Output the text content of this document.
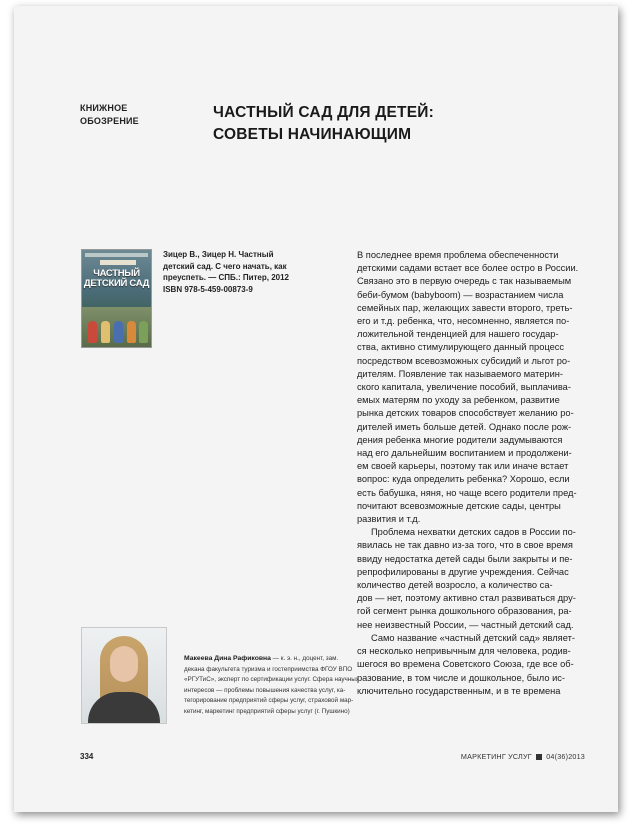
КНИЖНОЕ
ОБОЗРЕНИЕ	ЧАСТНЫЙ САД ДЛЯ ДЕТЕЙ:
СОВЕТЫ НАЧИНАЮЩИМ
ЧАСТНЫЙ
ДЕТСКИЙ САД
Зицер В., Зицер Н. Частный
детский сад. С чего начать, как
преуспеть. — СПБ.: Питер, 2012
ISBN 978-5-459-00873-9
В последнее время проблема обеспеченности
детскими садами встает все более остро в России.
Связано это в первую очередь с так называемым
беби-бумом (babyboom) — возрастанием числа
семейных пар, желающих завести второго, треть-
его и т.д. ребенка, что, несомненно, является по-
ложительной тенденцией для нашего государ-
ства, активно стимулирующего данный процесс
посредством всевозможных субсидий и льгот ро-
дителям. Появление так называемого материн-
ского капитала, увеличение пособий, выплачива-
емых матерям по уходу за ребенком, развитие
рынка детских товаров способствует желанию ро-
дителей иметь больше детей. Однако после рож-
дения ребенка многие родители задумываются
над его дальнейшим воспитанием и продолжени-
ем своей карьеры, поэтому так или иначе встает
вопрос: куда определить ребенка? Хорошо, если
есть бабушка, няня, но чаще всего родители пред-
почитают всевозможные детские сады, центры
развития и т.д.
Проблема нехватки детских садов в России по-
явилась не так давно из-за того, что в свое время
ввиду недостатка детей сады были закрыты и пе-
репрофилированы в другие учреждения. Сейчас
количество детей возросло, а количество са-
дов — нет, поэтому активно стал развиваться дру-
гой сегмент рынка дошкольного образования, ра-
нее неизвестный России, — частный детский сад.
Само название «частный детский сад» являет-
ся несколько непривычным для человека, родив-
шегося во времена Советского Союза, где все об-
разование, в том числе и дошкольное, было ис-
ключительно государственным, и в те времена
Макеева Дина Рафиковна — к. э. н., доцент, зам.
декана факультета туризма и гостеприимства ФГОУ ВПО
«РГУТиС», эксперт по сертификации услуг. Сфера научных
интересов — проблемы повышения качества услуг, ка-
тегорирование предприятий сферы услуг, страховой мар-
кетинг, маркетинг предприятий сферы услуг (г. Пушкино)
334	МАРКЕТИНГ УСЛУГ 04(36)2013
